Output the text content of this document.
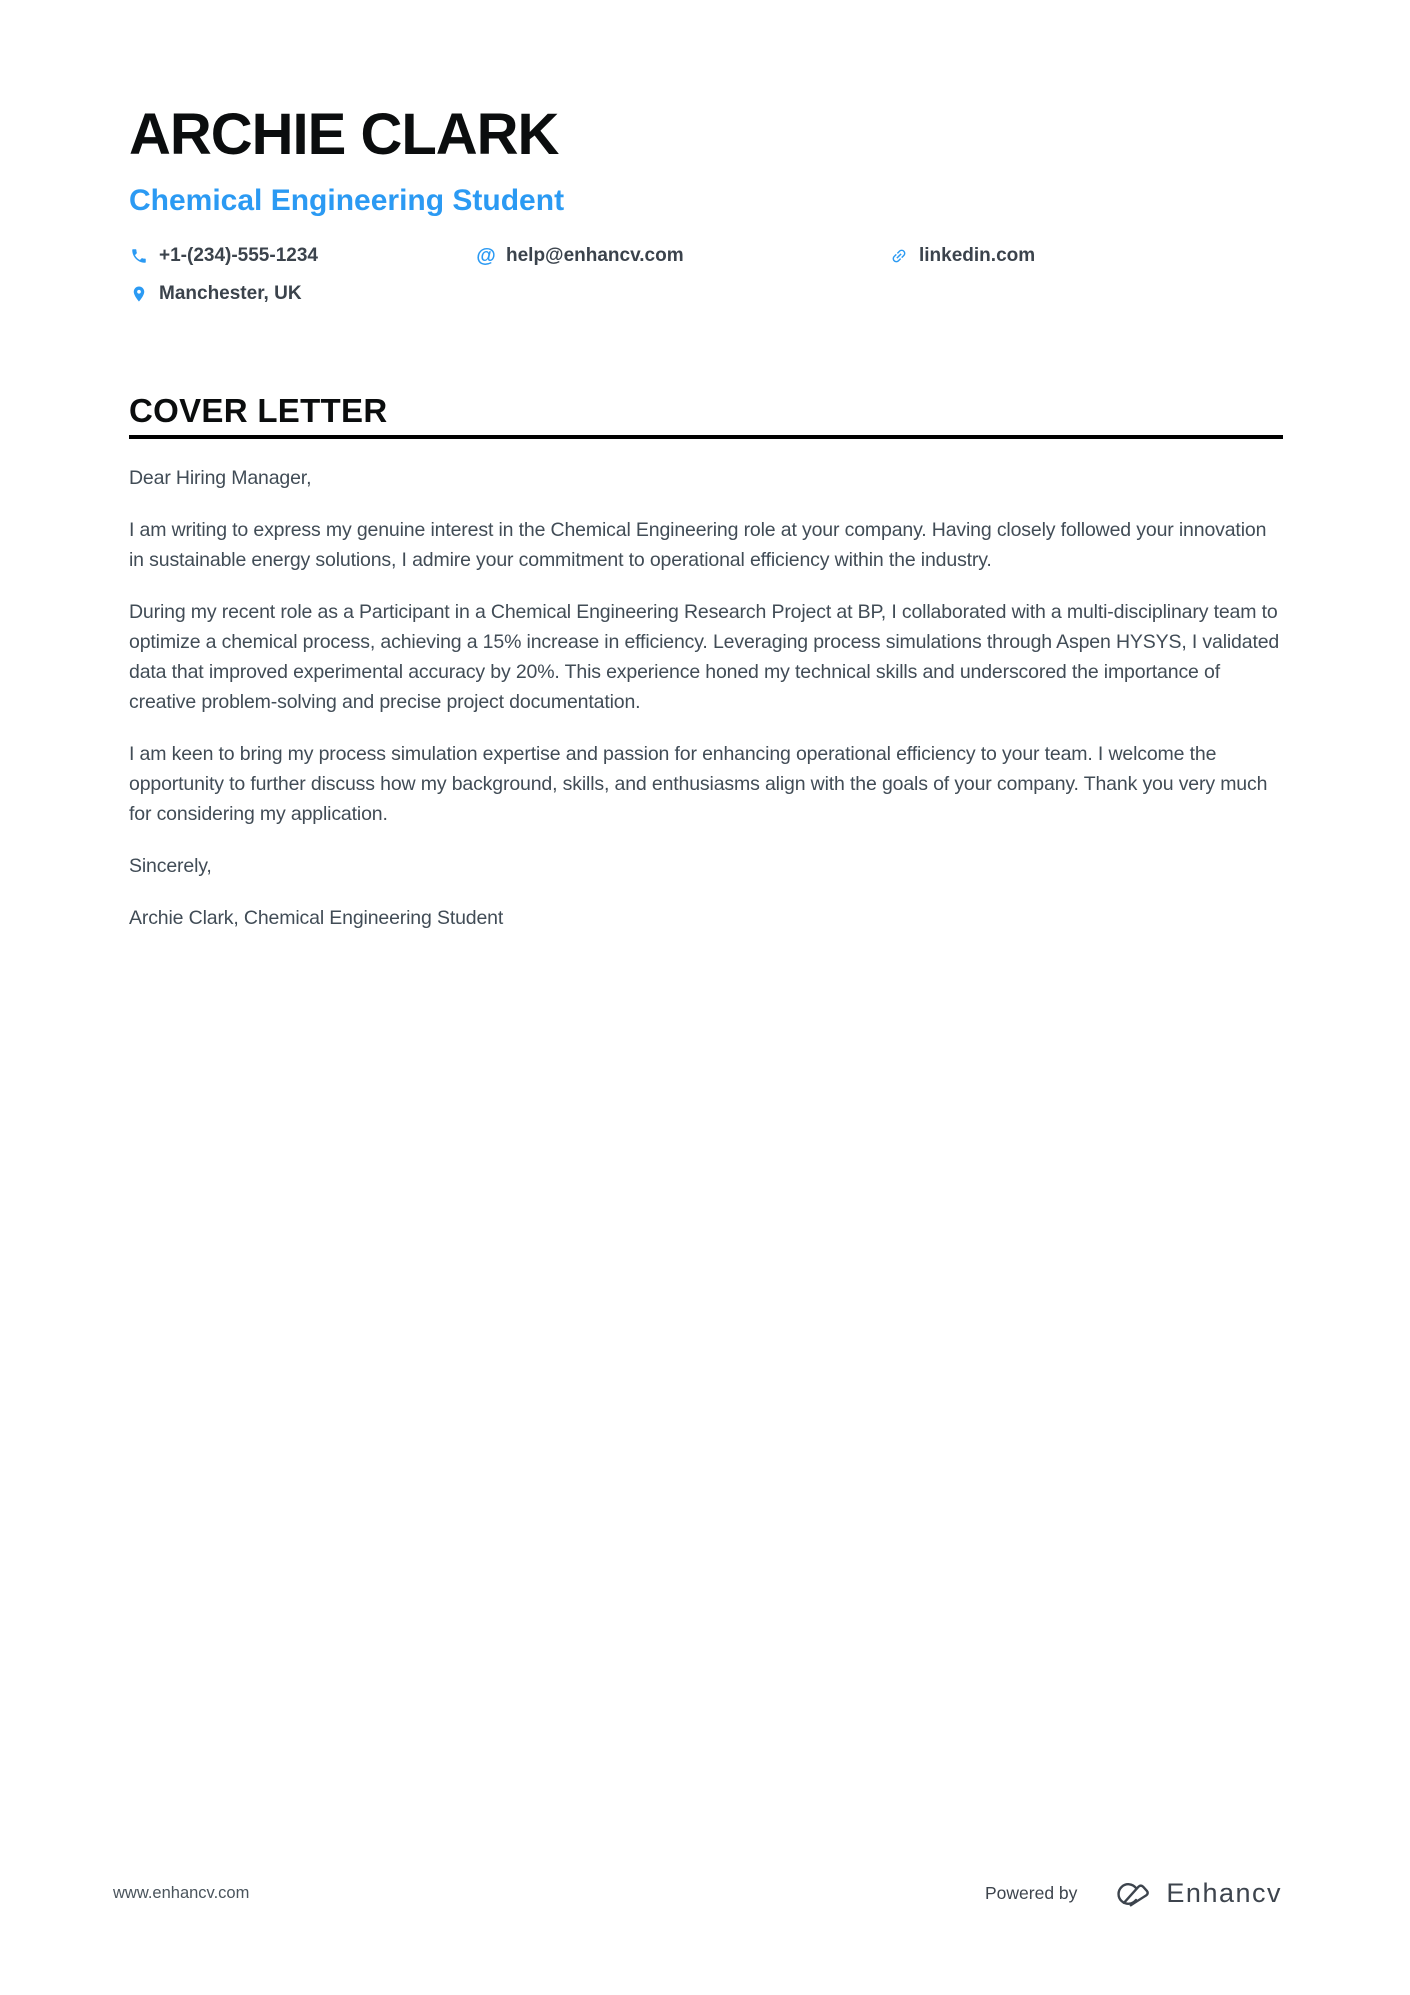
ARCHIE CLARK
Chemical Engineering Student
+1-(234)-555-1234	@ help@enhancv.com	linkedin.com
Manchester, UK
COVER LETTER

Dear Hiring Manager,

I am writing to express my genuine interest in the Chemical Engineering role at your company. Having closely followed your innovation in sustainable energy solutions, I admire your commitment to operational efficiency within the industry.

During my recent role as a Participant in a Chemical Engineering Research Project at BP, I collaborated with a multi-disciplinary team to optimize a chemical process, achieving a 15% increase in efficiency. Leveraging process simulations through Aspen HYSYS, I validated data that improved experimental accuracy by 20%. This experience honed my technical skills and underscored the importance of creative problem-solving and precise project documentation.

I am keen to bring my process simulation expertise and passion for enhancing operational efficiency to your team. I welcome the opportunity to further discuss how my background, skills, and enthusiasms align with the goals of your company. Thank you very much for considering my application.

Sincerely,

Archie Clark, Chemical Engineering Student

www.enhancv.com	Powered by	Enhancv
